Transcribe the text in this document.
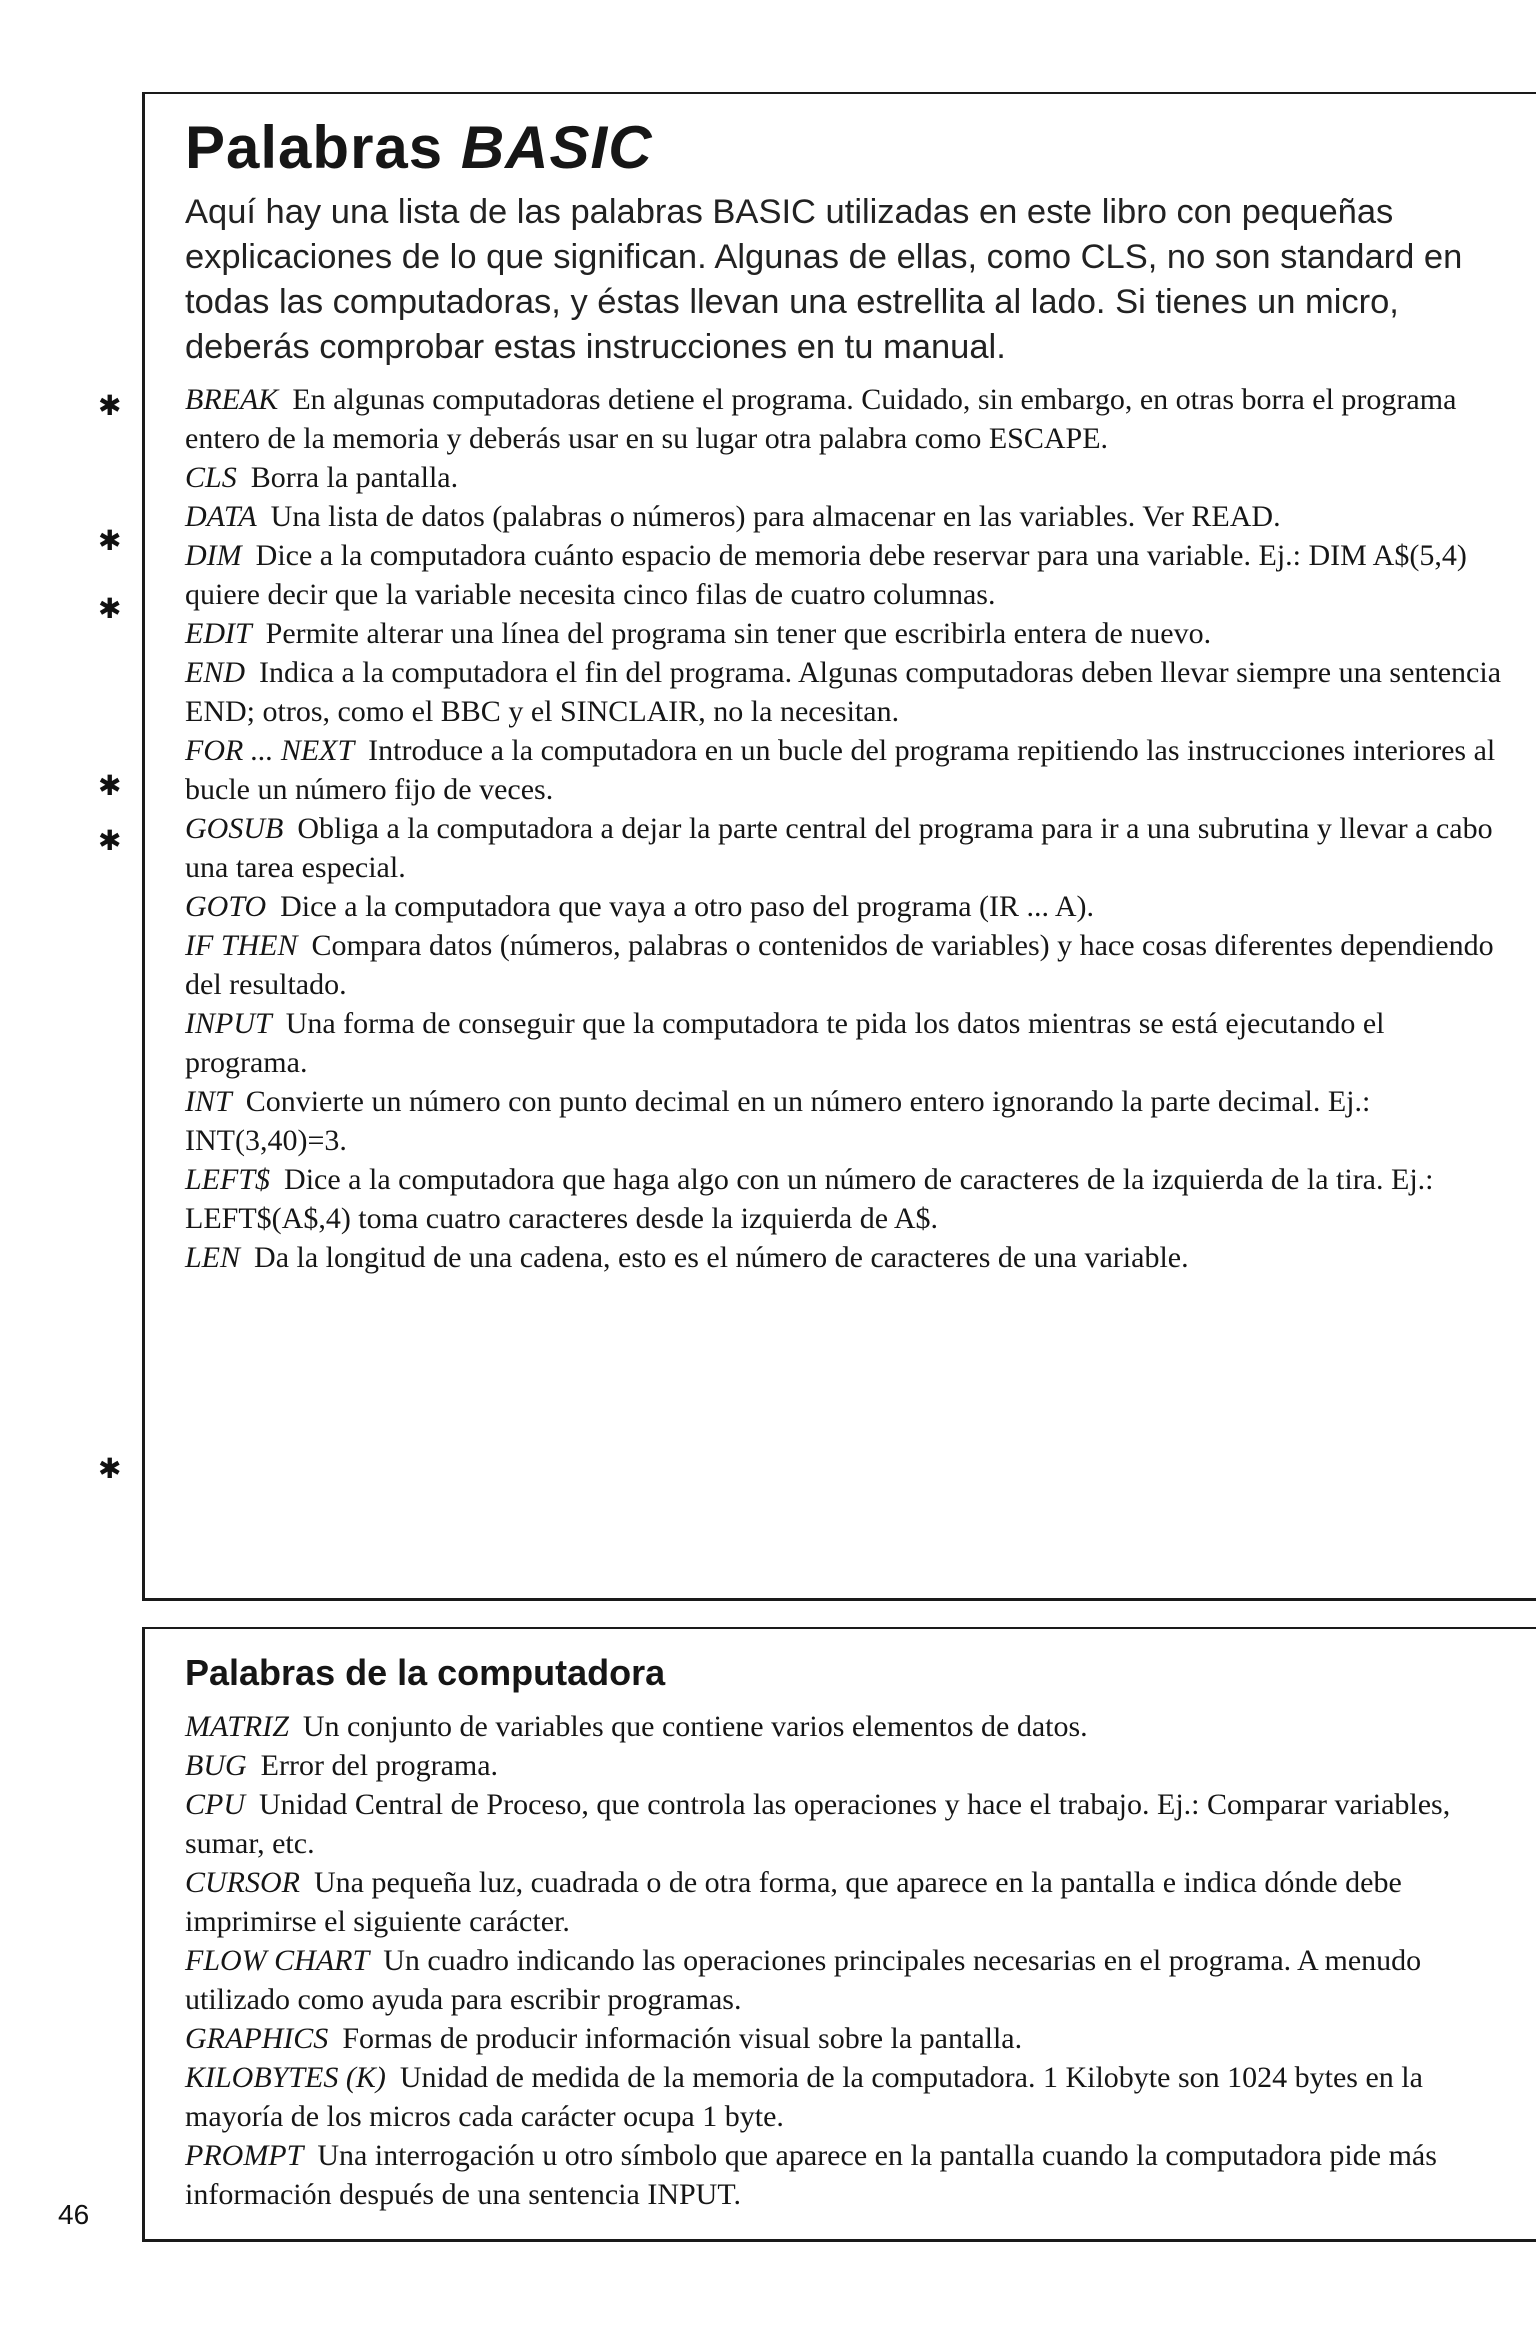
Palabras BASIC

Aquí hay una lista de las palabras BASIC utilizadas en este libro con pequeñas explicaciones de lo que significan. Algunas de ellas, como CLS, no son standard en todas las computadoras, y éstas llevan una estrellita al lado. Si tienes un micro, deberás comprobar estas instrucciones en tu manual.

BREAK En algunas computadoras detiene el programa. Cuidado, sin embargo, en otras borra el programa entero de la memoria y deberás usar en su lugar otra palabra como ESCAPE.

CLS Borra la pantalla.

DATA Una lista de datos (palabras o números) para almacenar en las variables. Ver READ.

DIM Dice a la computadora cuánto espacio de memoria debe reservar para una variable. Ej.: DIM A$(5,4) quiere decir que la variable necesita cinco filas de cuatro columnas.

EDIT Permite alterar una línea del programa sin tener que escribirla entera de nuevo.

END Indica a la computadora el fin del programa. Algunas computadoras deben llevar siempre una sentencia END; otros, como el BBC y el SINCLAIR, no la necesitan.

FOR ... NEXT Introduce a la computadora en un bucle del programa repitiendo las instrucciones interiores al bucle un número fijo de veces.

GOSUB Obliga a la computadora a dejar la parte central del programa para ir a una subrutina y llevar a cabo una tarea especial.

GOTO Dice a la computadora que vaya a otro paso del programa (IR ... A).

IF THEN Compara datos (números, palabras o contenidos de variables) y hace cosas diferentes dependiendo del resultado.

INPUT Una forma de conseguir que la computadora te pida los datos mientras se está ejecutando el programa.

INT Convierte un número con punto decimal en un número entero ignorando la parte decimal. Ej.: INT(3,40)=3.

LEFT$ Dice a la computadora que haga algo con un número de caracteres de la izquierda de la tira. Ej.: LEFT$(A$,4) toma cuatro caracteres desde la izquierda de A$.

LEN Da la longitud de una cadena, esto es el número de caracteres de una variable.

✱
✱
✱
✱
✱
✱
Palabras de la computadora

MATRIZ Un conjunto de variables que contiene varios elementos de datos.

BUG Error del programa.

CPU Unidad Central de Proceso, que controla las operaciones y hace el trabajo. Ej.: Comparar variables, sumar, etc.

CURSOR Una pequeña luz, cuadrada o de otra forma, que aparece en la pantalla e indica dónde debe imprimirse el siguiente carácter.

FLOW CHART Un cuadro indicando las operaciones principales necesarias en el programa. A menudo utilizado como ayuda para escribir programas.

GRAPHICS Formas de producir información visual sobre la pantalla.

KILOBYTES (K) Unidad de medida de la memoria de la computadora. 1 Kilobyte son 1024 bytes en la mayoría de los micros cada carácter ocupa 1 byte.

PROMPT Una interrogación u otro símbolo que aparece en la pantalla cuando la computadora pide más información después de una sentencia INPUT.

46
